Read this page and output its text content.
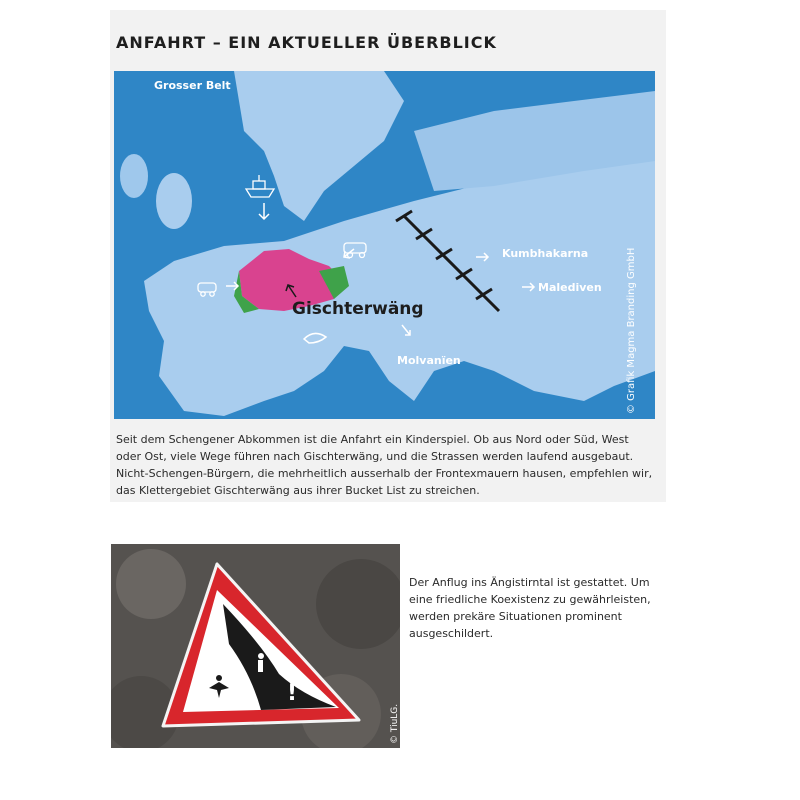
ANFAHRT – EIN AKTUELLER ÜBERBLICK
Grosser Belt
Gischterwäng
Kumbhakarna
Malediven
Molvanïen	© Grafik Magma Branding GmbH

Seit dem Schengener Abkommen ist die Anfahrt ein Kinderspiel. Ob aus Nord oder Süd, West oder Ost, viele Wege führen nach Gischterwäng, und die Strassen werden laufend ausgebaut. Nicht-Schengen-Bürgern, die mehrheitlich ausserhalb der Frontexmauern hausen, empfehlen wir, das Klettergebiet Gischterwäng aus ihrer Bucket List zu streichen.

!
© TiuLG.

Der Anflug ins Ängistirntal ist gestattet. Um eine friedliche Koexistenz zu gewährleisten, werden prekäre Situationen prominent ausgeschildert.
